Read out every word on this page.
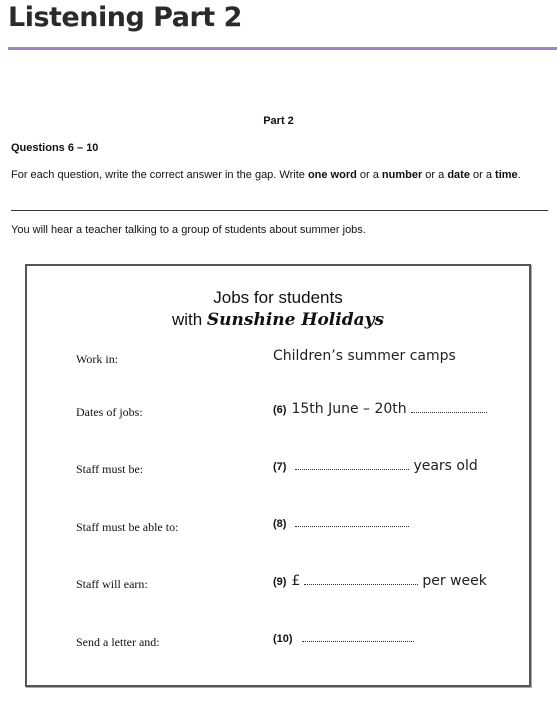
Listening Part 2
Part 2
Questions 6 – 10
For each question, write the correct answer in the gap. Write one word or a number or a date or a time.
You will hear a teacher talking to a group of students about summer jobs.
Jobs for students
with Sunshine Holidays
Work in:	Children’s summer camps
Dates of jobs:	(6) 15th June – 20th
Staff must be:	(7)	years old
Staff must be able to:	(8)
Staff will earn:	(9) £	per week
Send a letter and:	(10)
